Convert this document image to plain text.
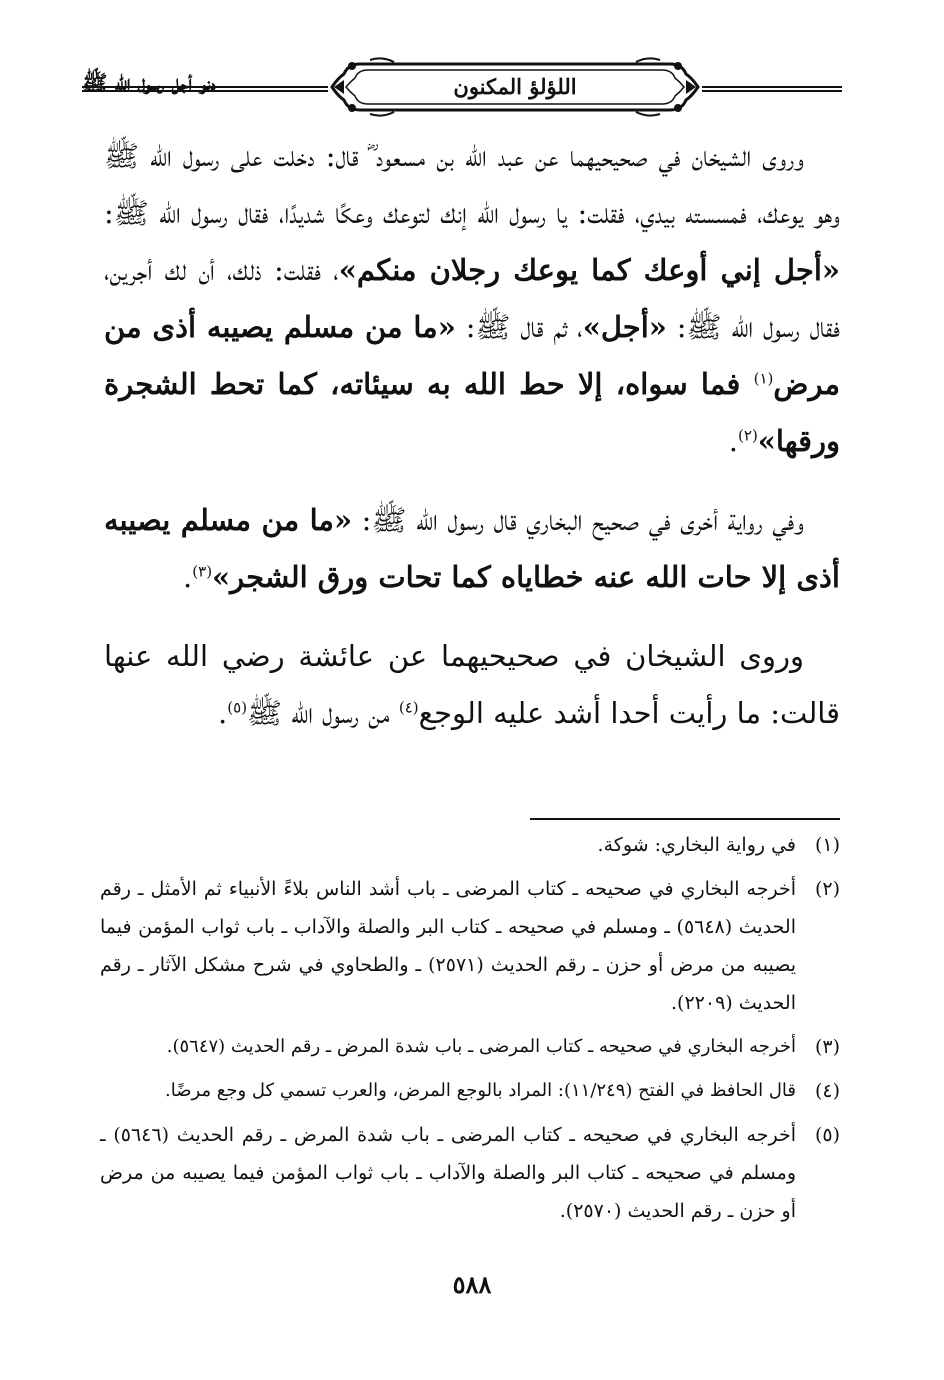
دنو أجل رسول الله ﷺ	اللؤلؤ المكنون

وروى الشيخان في صحيحيهما عن عبد الله بن مسعود ؓ قال: دخلت على رسول الله ﷺ وهو يوعك، فمسسته بيدي، فقلت: يا رسول الله إنك لتوعك وعكًا شديدًا، فقال رسول الله ﷺ: «أجل إني أوعك كما يوعك رجلان منكم»، فقلت: ذلك، أن لك أجرين، فقال رسول الله ﷺ: «أجل»، ثم قال ﷺ: «ما من مسلم يصيبه أذى من مرض$^{(١)}$ فما سواه، إلا حط الله به سيئاته، كما تحط الشجرة ورقها»$^{(٢)}$.

وفي رواية أخرى في صحيح البخاري قال رسول الله ﷺ: «ما من مسلم يصيبه أذى إلا حات الله عنه خطاياه كما تحات ورق الشجر»$^{(٣)}$.

وروى الشيخان في صحيحيهما عن عائشة رضي الله عنها قالت: ما رأيت أحدا أشد عليه الوجع$^{(٤)}$ من رسول الله ﷺ$^{(٥)}$.

(١)
في رواية البخاري: شوكة.
(٢)
أخرجه البخاري في صحيحه ـ كتاب المرضى ـ باب أشد الناس بلاءً الأنبياء ثم الأمثل ـ رقم الحديث (٥٦٤٨) ـ ومسلم في صحيحه ـ كتاب البر والصلة والآداب ـ باب ثواب المؤمن فيما يصيبه من مرض أو حزن ـ رقم الحديث (٢٥٧١) ـ والطحاوي في شرح مشكل الآثار ـ رقم الحديث (٢٢٠٩).
(٣)
أخرجه البخاري في صحيحه ـ كتاب المرضى ـ باب شدة المرض ـ رقم الحديث (٥٦٤٧).
(٤)
قال الحافظ في الفتح (١١/٢٤٩): المراد بالوجع المرض، والعرب تسمي كل وجع مرضًا.
(٥)
أخرجه البخاري في صحيحه ـ كتاب المرضى ـ باب شدة المرض ـ رقم الحديث (٥٦٤٦) ـ ومسلم في صحيحه ـ كتاب البر والصلة والآداب ـ باب ثواب المؤمن فيما يصيبه من مرض أو حزن ـ رقم الحديث (٢٥٧٠).
٥٨٨
